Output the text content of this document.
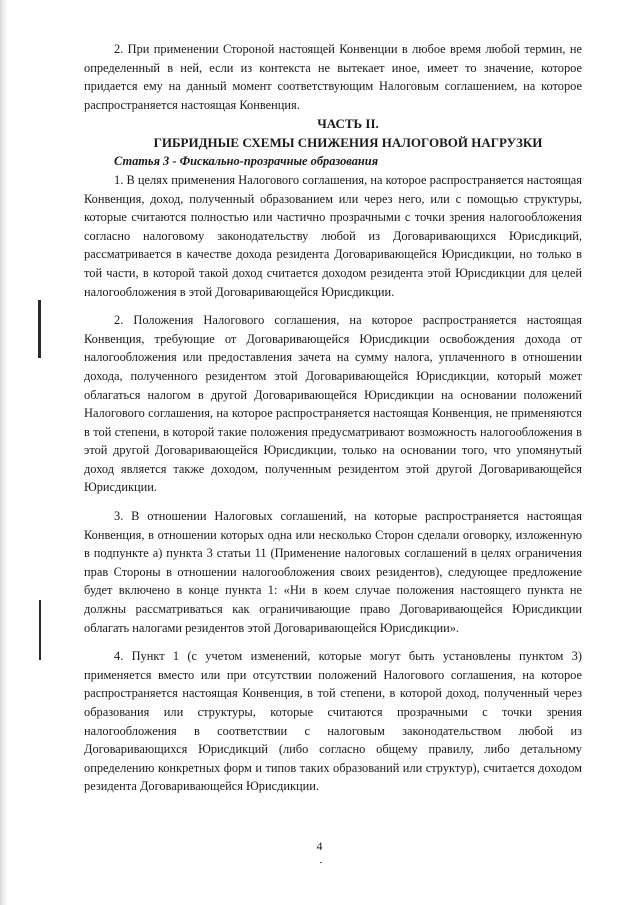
2. При применении Стороной настоящей Конвенции в любое время любой термин, не определенный в ней, если из контекста не вытекает иное, имеет то значение, которое придается ему на данный момент соответствующим Налоговым соглашением, на которое распространяется настоящая Конвенция.

ЧАСТЬ II.

ГИБРИДНЫЕ СХЕМЫ СНИЖЕНИЯ НАЛОГОВОЙ НАГРУЗКИ

Статья 3 - Фискально-прозрачные образования

1. В целях применения Налогового соглашения, на которое распространяется настоящая Конвенция, доход, полученный образованием или через него, или с помощью структуры, которые считаются полностью или частично прозрачными с точки зрения налогообложения согласно налоговому законодательству любой из Договаривающихся Юрисдикций, рассматривается в качестве дохода резидента Договаривающейся Юрисдикции, но только в той части, в которой такой доход считается доходом резидента этой Юрисдикции для целей налогообложения в этой Договаривающейся Юрисдикции.

2. Положения Налогового соглашения, на которое распространяется настоящая Конвенция, требующие от Договаривающейся Юрисдикции освобождения дохода от налогообложения или предоставления зачета на сумму налога, уплаченного в отношении дохода, полученного резидентом этой Договаривающейся Юрисдикции, который может облагаться налогом в другой Договаривающейся Юрисдикции на основании положений Налогового соглашения, на которое распространяется настоящая Конвенция, не применяются в той степени, в которой такие положения предусматривают возможность налогообложения в этой другой Договаривающейся Юрисдикции, только на основании того, что упомянутый доход является также доходом, полученным резидентом этой другой Договаривающейся Юрисдикции.

3. В отношении Налоговых соглашений, на которые распространяется настоящая Конвенция, в отношении которых одна или несколько Сторон сделали оговорку, изложенную в подпункте а) пункта 3 статьи 11 (Применение налоговых соглашений в целях ограничения прав Стороны в отношении налогообложения своих резидентов), следующее предложение будет включено в конце пункта 1: «Ни в коем случае положения настоящего пункта не должны рассматриваться как ограничивающие право Договаривающейся Юрисдикции облагать налогами резидентов этой Договаривающейся Юрисдикции».

4. Пункт 1 (с учетом изменений, которые могут быть установлены пунктом 3) применяется вместо или при отсутствии положений Налогового соглашения, на которое распространяется настоящая Конвенция, в той степени, в которой доход, полученный через образования или структуры, которые считаются прозрачными с точки зрения налогообложения в соответствии с налоговым законодательством любой из Договаривающихся Юрисдикций (либо согласно общему правилу, либо детальному определению конкретных форм и типов таких образований или структур), считается доходом резидента Договаривающейся Юрисдикции.

4
